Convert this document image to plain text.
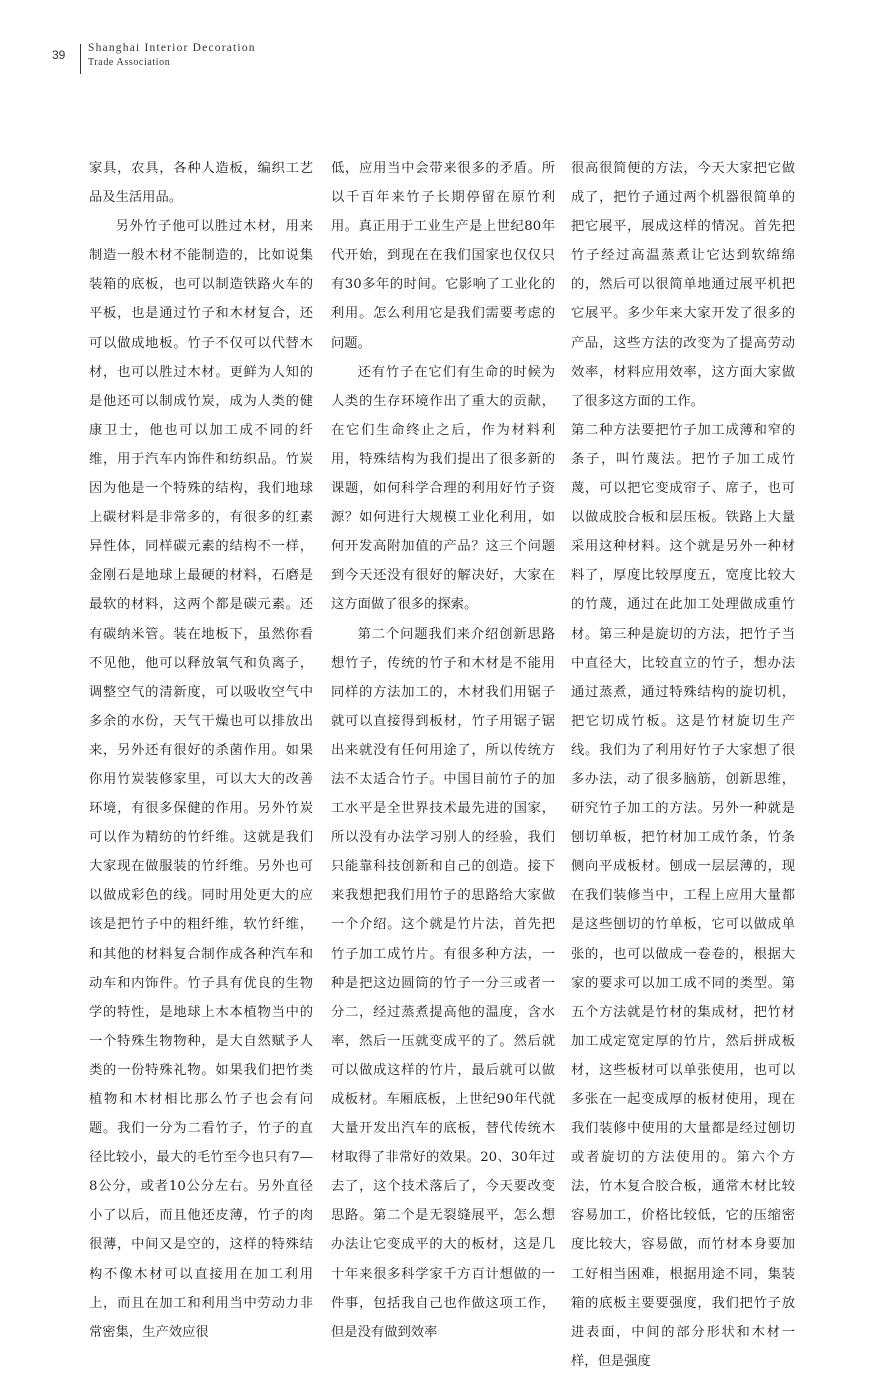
39	Shanghai Interior Decoration
Trade Association

家具，农具，各种人造板，编织工艺品及生活用品。

另外竹子他可以胜过木材，用来制造一般木材不能制造的，比如说集装箱的底板，也可以制造铁路火车的平板，也是通过竹子和木材复合，还可以做成地板。竹子不仅可以代替木材，也可以胜过木材。更鲜为人知的是他还可以制成竹炭，成为人类的健康卫士，他也可以加工成不同的纤维，用于汽车内饰件和纺织品。竹炭因为他是一个特殊的结构，我们地球上碳材料是非常多的，有很多的红素异性体，同样碳元素的结构不一样，金刚石是地球上最硬的材料，石磨是最软的材料，这两个都是碳元素。还有碳纳米管。装在地板下，虽然你看不见他，他可以释放氧气和负离子，调整空气的清新度，可以吸收空气中多余的水份，天气干燥也可以排放出来，另外还有很好的杀菌作用。如果你用竹炭装修家里，可以大大的改善环境，有很多保健的作用。另外竹炭可以作为精纺的竹纤维。这就是我们大家现在做服装的竹纤维。另外也可以做成彩色的线。同时用处更大的应该是把竹子中的粗纤维，软竹纤维，和其他的材料复合制作成各种汽车和动车和内饰件。竹子具有优良的生物学的特性，是地球上木本植物当中的一个特殊生物物种，是大自然赋予人类的一份特殊礼物。如果我们把竹类植物和木材相比那么竹子也会有问题。我们一分为二看竹子，竹子的直径比较小，最大的毛竹至今也只有7—8公分，或者10公分左右。另外直径小了以后，而且他还皮薄，竹子的肉很薄，中间又是空的，这样的特殊结构不像木材可以直接用在加工利用上，而且在加工和利用当中劳动力非常密集，生产效应很

低，应用当中会带来很多的矛盾。所以千百年来竹子长期停留在原竹利用。真正用于工业生产是上世纪80年代开始，到现在在我们国家也仅仅只有30多年的时间。它影响了工业化的利用。怎么利用它是我们需要考虑的问题。

还有竹子在它们有生命的时候为人类的生存环境作出了重大的贡献，在它们生命终止之后，作为材料利用，特殊结构为我们提出了很多新的课题，如何科学合理的利用好竹子资源？如何进行大规模工业化利用，如何开发高附加值的产品？这三个问题到今天还没有很好的解决好，大家在这方面做了很多的探索。

第二个问题我们来介绍创新思路想竹子，传统的竹子和木材是不能用同样的方法加工的，木材我们用锯子就可以直接得到板材，竹子用锯子锯出来就没有任何用途了，所以传统方法不太适合竹子。中国目前竹子的加工水平是全世界技术最先进的国家，所以没有办法学习别人的经验，我们只能靠科技创新和自己的创造。接下来我想把我们用竹子的思路给大家做一个介绍。这个就是竹片法，首先把竹子加工成竹片。有很多种方法，一种是把这边圆筒的竹子一分三或者一分二，经过蒸煮提高他的温度，含水率，然后一压就变成平的了。然后就可以做成这样的竹片，最后就可以做成板材。车厢底板，上世纪90年代就大量开发出汽车的底板，替代传统木材取得了非常好的效果。20、30年过去了，这个技术落后了，今天要改变思路。第二个是无裂缝展平，怎么想办法让它变成平的大的板材，这是几十年来很多科学家千方百计想做的一件事，包括我自己也作做这项工作，但是没有做到效率

很高很简便的方法，今天大家把它做成了，把竹子通过两个机器很简单的把它展平，展成这样的情况。首先把竹子经过高温蒸煮让它达到软绵绵的，然后可以很简单地通过展平机把它展平。多少年来大家开发了很多的产品，这些方法的改变为了提高劳动效率，材料应用效率，这方面大家做了很多这方面的工作。

第二种方法要把竹子加工成薄和窄的条子，叫竹蔑法。把竹子加工成竹蔑，可以把它变成帘子、席子，也可以做成胶合板和层压板。铁路上大量采用这种材料。这个就是另外一种材料了，厚度比较厚度五，宽度比较大的竹蔑，通过在此加工处理做成重竹材。第三种是旋切的方法，把竹子当中直径大，比较直立的竹子，想办法通过蒸煮，通过特殊结构的旋切机，把它切成竹板。这是竹材旋切生产线。我们为了利用好竹子大家想了很多办法，动了很多脑筋，创新思维，研究竹子加工的方法。另外一种就是刨切单板，把竹材加工成竹条，竹条侧向平成板材。刨成一层层薄的，现在我们装修当中，工程上应用大量都是这些刨切的竹单板，它可以做成单张的，也可以做成一卷卷的，根据大家的要求可以加工成不同的类型。第五个方法就是竹材的集成材，把竹材加工成定宽定厚的竹片，然后拼成板材，这些板材可以单张使用，也可以多张在一起变成厚的板材使用，现在我们装修中使用的大量都是经过刨切或者旋切的方法使用的。第六个方法，竹木复合胶合板，通常木材比较容易加工，价格比较低，它的压缩密度比较大，容易做，而竹材本身要加工好相当困难，根据用途不同，集装箱的底板主要要强度，我们把竹子放进表面，中间的部分形状和木材一样，但是强度
